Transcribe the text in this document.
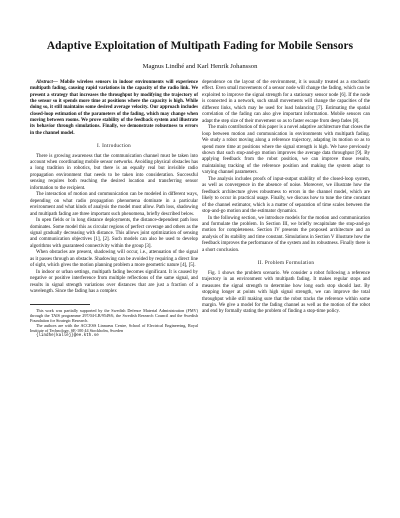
Adaptive Exploitation of Multipath Fading for Mobile Sensors
Magnus Lindhé and Karl Henrik Johansson

Abstract— Mobile wireless sensors in indoor environments will experience multipath fading, causing rapid variations in the capacity of the radio link. We present a strategy that increases the throughput by modifying the trajectory of the sensor so it spends more time at positions where the capacity is high. While doing so, it still maintains some desired average velocity. Our approach includes closed-loop estimation of the parameters of the fading, which may change when moving between rooms. We prove stability of the feedback system and illustrate its behavior through simulations. Finally, we demonstrate robustness to errors in the channel model.

I. Introduction

There is growing awareness that the communication channel must be taken into account when coordinating mobile sensor networks. Avoiding physical obstacles has a long tradition in robotics, but there is an equally real but invisible radio propagation environment that needs to be taken into consideration. Successful sensing requires both reaching the desired location and transferring sensor information to the recipient.

The interaction of motion and communication can be modeled in different ways, depending on what radio propagation phenomena dominate in a particular environment and what kinds of analysis the model must allow. Path loss, shadowing and multipath fading are three important such phenomena, briefly described below.

In open fields or in long distance deployments, the distance-dependent path loss dominates. Some model this as circular regions of perfect coverage and others as the signal gradually decreasing with distance. This allows joint optimization of sensing and communication objectives [1], [2]. Such models can also be used to develop algorithms with guaranteed connectivity within the group [3].

When obstacles are present, shadowing will occur, i.e., attenuation of the signal as it passes through an obstacle. Shadowing can be avoided by requiring a direct line of sight, which gives the motion planning problem a more geometric nature [4], [5].

In indoor or urban settings, multipath fading becomes significant. It is caused by negative or positive interference from multiple reflections of the same signal, and results in signal strength variations over distances that are just a fraction of a wavelength. Since the fading has a complex

This work was partially supported by the Swedish Defence Material Administration (FMV) through the TAIS programme 297/04-LB/9549/6, the Swedish Research Council and the Swedish Foundation for Strategic Research.

The authors are with the ACCESS Linnaeus Centre, School of Electrical Engineering, Royal Institute of Technology, SE-100 44 Stockholm, Sweden

{lindhe|kallej}@ee.kth.se

dependence on the layout of the environment, it is usually treated as a stochastic effect. Even small movements of a sensor node will change the fading, which can be exploited to improve the signal strength for a stationary sensor node [6]. If the node is connected in a network, such small movements will change the capacities of the different links, which may be used for load balancing [7]. Estimating the spatial correlation of the fading can also give important information. Mobile sensors can adapt the step size of their movement so as to faster escape from deep fades [8].

The main contribution of this paper is a novel adaptive architecture that closes the loop between motion and communication in environments with multipath fading. We study a robot moving along a reference trajectory, adapting its motion so as to spend more time at positions where the signal strength is high. We have previously shown that such stop-and-go motion improves the average data throughput [9]. By applying feedback from the robot position, we can improve those results, maintaining tracking of the reference position and making the system adapt to varying channel parameters.

The analysis includes proofs of input-output stability of the closed-loop system, as well as convergence in the absence of noise. Moreover, we illustrate how the feedback architecture gives robustness to errors in the channel model, which are likely to occur in practical usage. Finally, we discuss how to tune the time constant of the channel estimator, which is a matter of separation of time scales between the stop-and-go motion and the estimator dynamics.

In the following section, we introduce models for the motion and communication and formulate the problem. In Section III, we briefly recapitulate the stop-and-go motion for completeness. Section IV presents the proposed architecture and an analysis of its stability and time constant. Simulations in Section V illustrate how the feedback improves the performance of the system and its robustness. Finally there is a short conclusion.

II. Problem Formulation

Fig. 1 shows the problem scenario. We consider a robot following a reference trajectory in an environment with multipath fading. It makes regular stops and measures the signal strength to determine how long each stop should last. By stopping longer at points with high signal strength, we can improve the total throughput while still making sure that the robot tracks the reference within some margin. We give a model for the fading channel as well as the motion of the robot and end by formally stating the problem of finding a stop-time policy.
